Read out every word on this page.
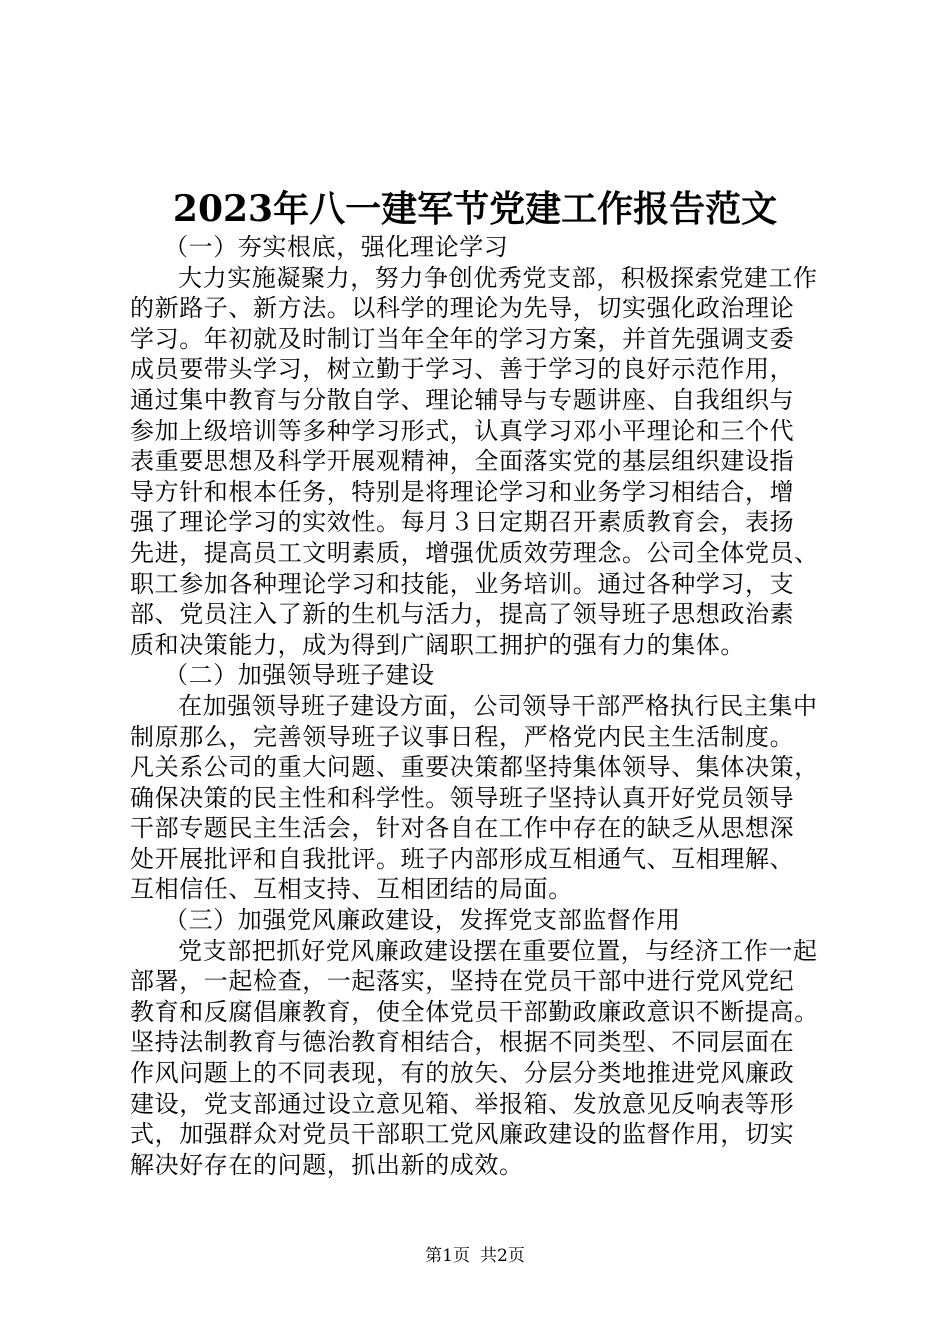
2023年八一建军节党建工作报告范文
（一）夯实根底，强化理论学习
大力实施凝聚力，努力争创优秀党支部，积极探索党建工作
的新路子、新方法。以科学的理论为先导，切实强化政治理论
学习。年初就及时制订当年全年的学习方案，并首先强调支委
成员要带头学习，树立勤于学习、善于学习的良好示范作用，
通过集中教育与分散自学、理论辅导与专题讲座、自我组织与
参加上级培训等多种学习形式，认真学习邓小平理论和三个代
表重要思想及科学开展观精神，全面落实党的基层组织建设指
导方针和根本任务，特别是将理论学习和业务学习相结合，增
强了理论学习的实效性。每月３日定期召开素质教育会，表扬
先进，提高员工文明素质，增强优质效劳理念。公司全体党员、
职工参加各种理论学习和技能，业务培训。通过各种学习，支
部、党员注入了新的生机与活力，提高了领导班子思想政治素
质和决策能力，成为得到广阔职工拥护的强有力的集体。
（二）加强领导班子建设
在加强领导班子建设方面，公司领导干部严格执行民主集中
制原那么，完善领导班子议事日程，严格党内民主生活制度。
凡关系公司的重大问题、重要决策都坚持集体领导、集体决策，
确保决策的民主性和科学性。领导班子坚持认真开好党员领导
干部专题民主生活会，针对各自在工作中存在的缺乏从思想深
处开展批评和自我批评。班子内部形成互相通气、互相理解、
互相信任、互相支持、互相团结的局面。
（三）加强党风廉政建设，发挥党支部监督作用
党支部把抓好党风廉政建设摆在重要位置，与经济工作一起
部署，一起检查，一起落实，坚持在党员干部中进行党风党纪
教育和反腐倡廉教育，使全体党员干部勤政廉政意识不断提高。
坚持法制教育与德治教育相结合，根据不同类型、不同层面在
作风问题上的不同表现，有的放矢、分层分类地推进党风廉政
建设，党支部通过设立意见箱、举报箱、发放意见反响表等形
式，加强群众对党员干部职工党风廉政建设的监督作用，切实
解决好存在的问题，抓出新的成效。
第1页 共2页
